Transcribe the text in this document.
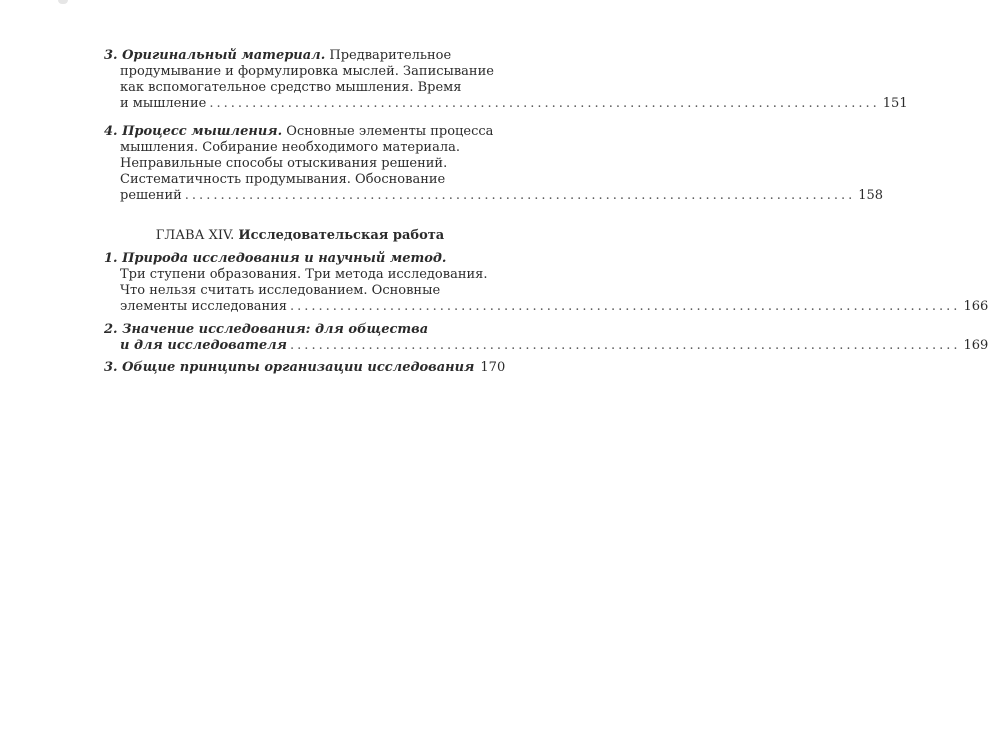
3. Оригинальный материал. Предварительное
продумывание и формулировка мыслей. Записывание
как вспомогательное средство мышления. Время
и мышление .............................................................................................. 151
4. Процесс мышления. Основные элементы процесса
мышления. Собирание необходимого материала.
Неправильные способы отыскивания решений.
Систематичность продумывания. Обоснование
решений .............................................................................................. 158
ГЛАВА XIV. Исследовательская работа
1. Природа исследования и научный метод.
Три ступени образования. Три метода исследования.
Что нельзя считать исследованием. Основные
элементы исследования .............................................................................................. 166
2. Значение исследования: для общества
и для исследователя .............................................................................................. 169
3. Общие принципы организации исследования 170
